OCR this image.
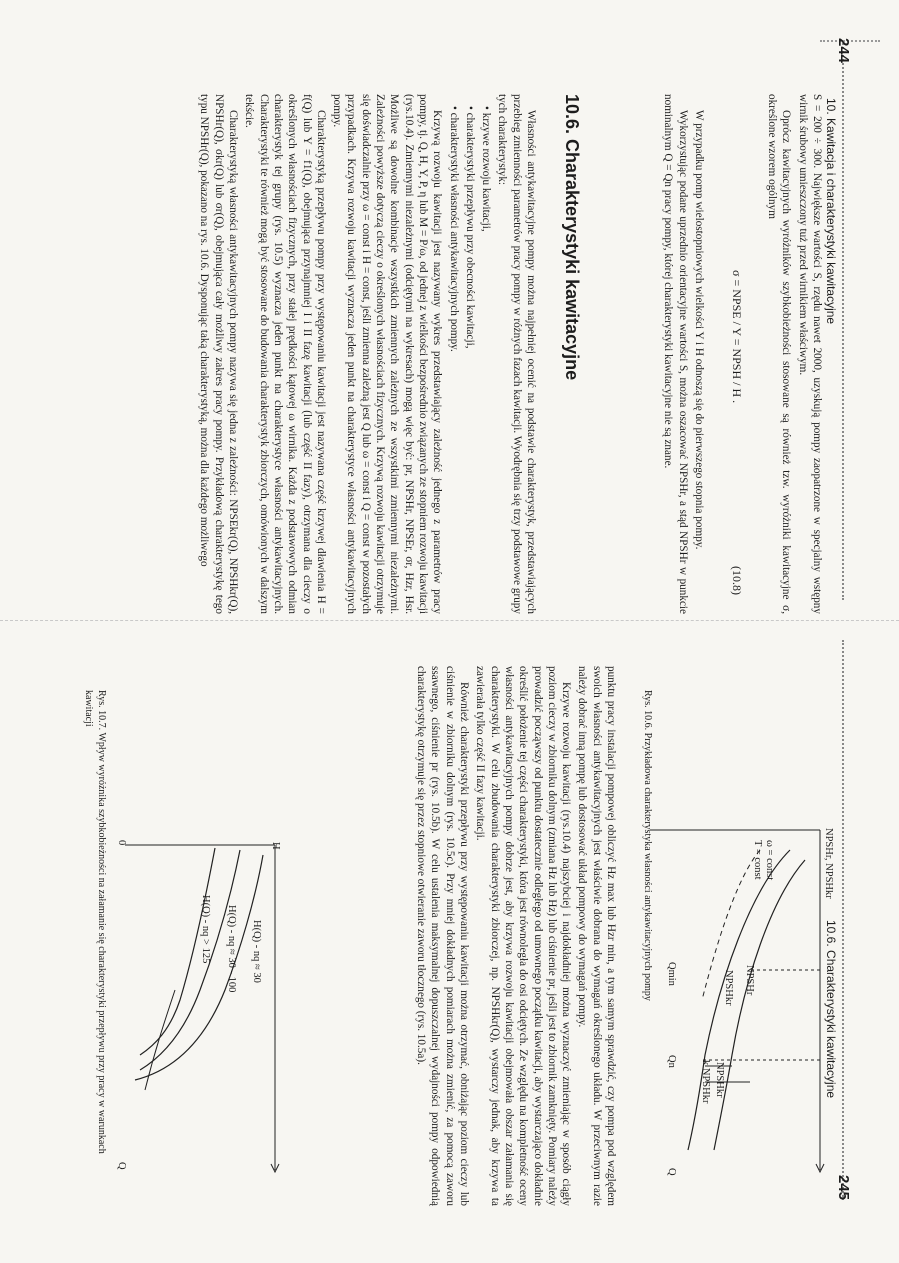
244
10. Kawitacja i charakterystyki kawitacyjne

S = 200 ÷ 300. Największe wartości S, rzędu nawet 2000, uzyskują pompy zaopatrzone w specjalny wstępny wirnik śrubowy umieszczony tuż przed wirnikiem właściwym.

Oprócz kawitacyjnych wyróżników szybkobieżności stosowane są również tzw. wyróżniki kawitacyjne σ, określone wzorem ogólnym

σ = NPSE / Y = NPSH / H .
(10.8)

W przypadku pomp wielostopniowych wielkości Y i H odnoszą się do pierwszego stopnia pompy.

Wykorzystując podane uprzednio orientacyjne wartości S, można oszacować NPSHr, a stąd NPSHr w punkcie nominalnym Q = Qn pracy pompy, której charakterystyki kawitacyjne nie są znane.

10.6. Charakterystyki kawitacyjne

Własności antykawitacyjne pompy można najpełniej ocenić na podstawie charakterystyk, przedstawiających przebieg zmienności parametrów pracy pompy w różnych fazach kawitacji. Wyodrębnia się trzy podstawowe grupy tych charakterystyk:

• krzywe rozwoju kawitacji,

• charakterystyki przepływu przy obecności kawitacji,

• charakterystyki własności antykawitacyjnych pompy.

Krzywą rozwoju kawitacji jest nazywany wykres przedstawiający zależność jednego z parametrów pracy pompy, tj. Q, H, Y, P, η lub M = P/ω, od jednej z wielkości bezpośrednio związanych ze stopniem rozwoju kawitacji (rys.10.4). Zmiennymi niezależnymi (odciętymi na wykresach) mogą więc być: pr, NPSHr, NPSEr, σr, Hzr, Hsr. Możliwe są dowolne kombinacje wszystkich zmiennych zależnych ze wszystkimi zmiennymi niezależnymi. Zależności powyższe dotyczą cieczy o określonych własnościach fizycznych. Krzywą rozwoju kawitacji otrzymuje się doświadczalnie przy ω = const i H = const, jeśli zmienna zależną jest Q lub ω = const i Q = const w pozostałych przypadkach. Krzywa rozwoju kawitacji wyznacza jeden punkt na charakterystyce własności antykawitacyjnych pompy.

Charakterystyką przepływu pompy przy występowaniu kawitacji jest nazywana część krzywej dławienia H = f(Q) lub Y = f1(Q), obejmująca przynajmniej I i II fazę kawitacji (lub część II fazy), otrzymana dla cieczy o określonych własnościach fizycznych, przy stałej prędkości kątowej ω wirnika. Każda z podstawowych odmian charakterystyk tej grupy (rys. 10.5) wyznacza jeden punkt na charakterystyce własności antykawitacyjnych. Charakterystyki te również mogą być stosowane do budowania charakterystyk zbiorczych, omówionych w dalszym tekście.

Charakterystyką własności antykawitacyjnych pompy nazywa się jedna z zależności: NPSEkr(Q), NPSHkr(Q), NPSHr(Q), σkr(Q) lub σr(Q), obejmująca cały możliwy zakres pracy pompy. Przykładową charakterystykę tego typu NPSHr(Q), pokazano na rys. 10.6. Dysponując taką charakterystyką, można dla każdego możliwego

245
10.6. Charakterystyki kawitacyjne
NPSHr, NPSHkr
ω = const
T = const
NPSHr
NPSHkr
Qmin
Qn
Q
NPSHkr
k NPSHkr
Rys. 10.6. Przykładowa charakterystyka własności antykawitacyjnych pompy

punktu pracy instalacji pompowej obliczyć Hz max lub Hzr min, a tym samym sprawdzić, czy pompa pod względem swoich własności antykawitacyjnych jest właściwie dobrana do wymagań określonego układu. W przeciwnym razie należy dobrać inną pompę lub dostosować układ pompowy do wymagań pompy.

Krzywe rozwoju kawitacji (rys.10.4) najszybciej i najdokładniej można wyznaczyć zmieniając w sposób ciągły poziom cieczy w zbiorniku dolnym (zmiana Hz lub Hz) lub ciśnienie pr, jeśli jest to zbiornik zamknięty. Pomiary należy prowadzić począwszy od punktu dostatecznie odległego od umownego początku kawitacji, aby wystarczająco dokładnie określić położenie tej części charakterystyki, która jest równoległa do osi odciętych. Ze względu na kompletność oceny własności antykawitacyjnych pompy dobrze jest, aby krzywa rozwoju kawitacji obejmowała obszar załamania się charakterystyki. W celu zbudowania charakterystyki zbiorczej, np. NPSHkr(Q), wystarczy jednak, aby krzywa ta zawierała tylko część II fazy kawitacji.

Również charakterystyki przepływu przy występowaniu kawitacji można otrzymać, obniżając poziom cieczy lub ciśnienie w zbiorniku dolnym (rys. 10.5c). Przy mniej dokładnych pomiarach można zmienić, za pomocą zaworu ssawnego, ciśnienie pr (rys. 10.5b). W celu ustalenia maksymalnej dopuszczalnej wydajności pompy odpowiednią charakterystykę otrzymuje się przez stopniowe otwieranie zaworu tłocznego (rys. 10.5a).

H
0
Q
H(Q) - nq ≈ 30
H(Q) - nq ≈ 30 - 100
H(Q) - nq > 125
Rys. 10.7. Wpływ wyróżnika szybkobieżności na załamanie się charakterystyki przepływu przy pracy w warunkach kawitacji
